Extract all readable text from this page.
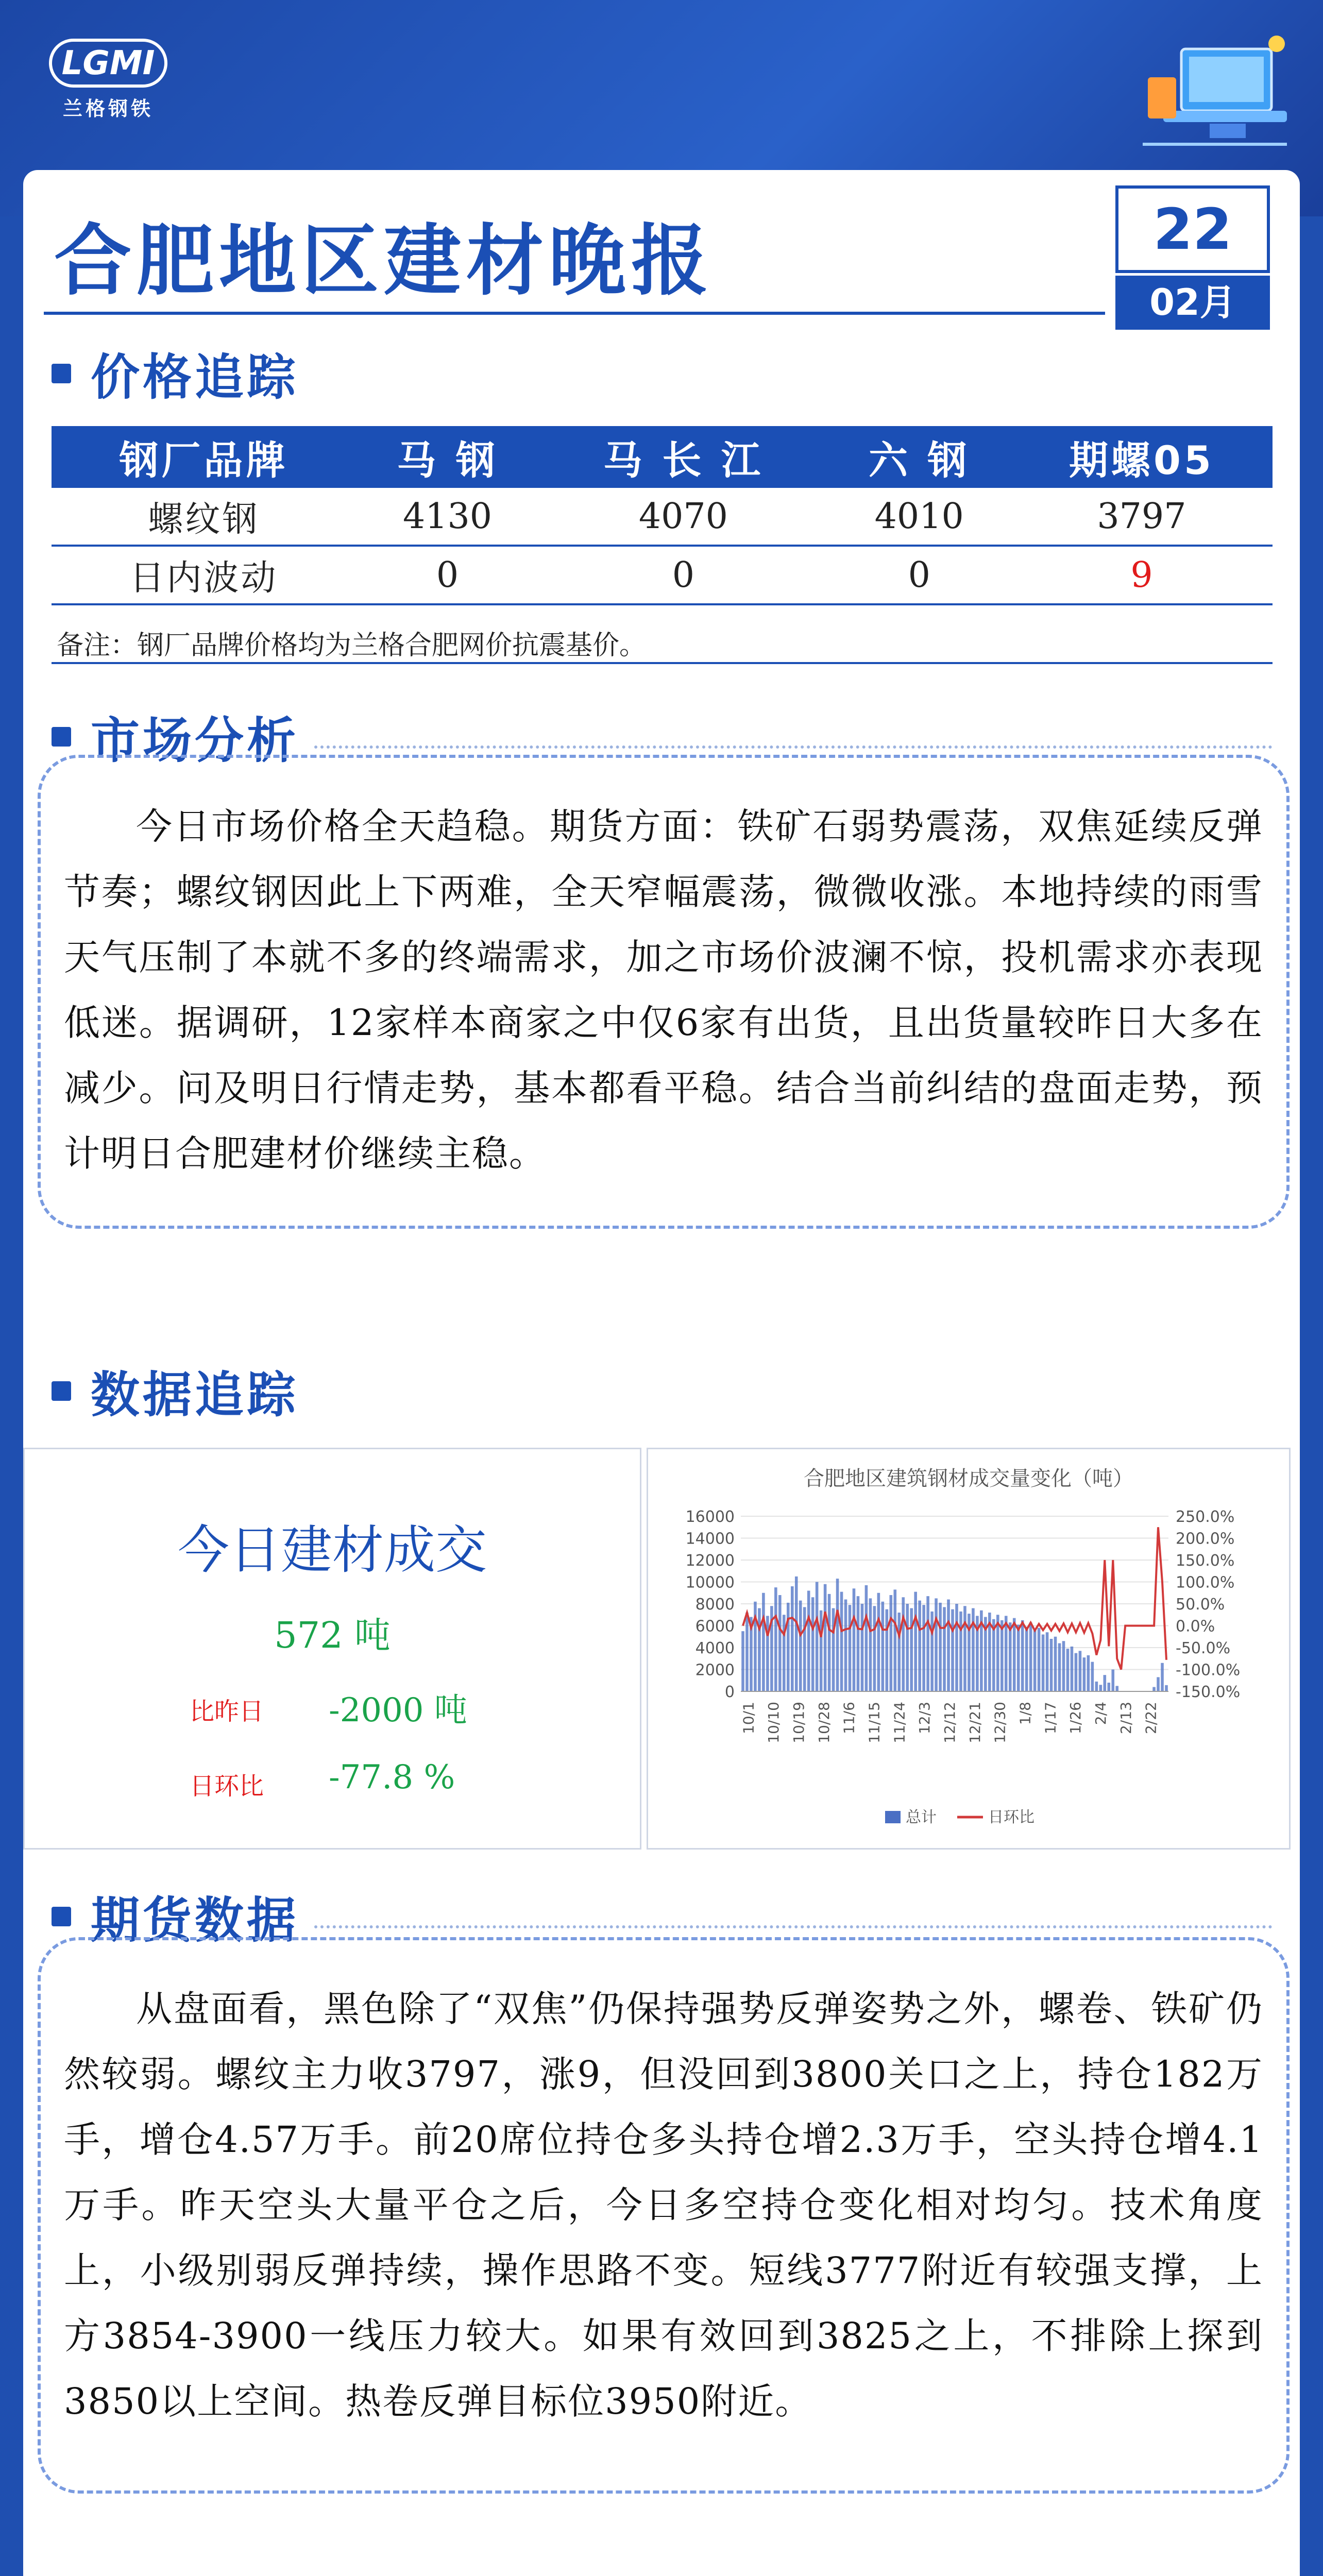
LGMI
兰格钢铁
合肥地区建材晚报	22
02月
价格追踪
钢厂品牌	马 钢	马 长 江	六 钢	期螺05
螺纹钢	4130	4070	4010	3797
日内波动	0	0	0	9
备注：钢厂品牌价格均为兰格合肥网价抗震基价。
市场分析
今日市场价格全天趋稳。期货方面：铁矿石弱势震荡，双焦延续反弹节奏；螺纹钢因此上下两难，全天窄幅震荡，微微收涨。本地持续的雨雪天气压制了本就不多的终端需求，加之市场价波澜不惊，投机需求亦表现低迷。据调研，12家样本商家之中仅6家有出货，且出货量较昨日大多在减少。问及明日行情走势，基本都看平稳。结合当前纠结的盘面走势，预计明日合肥建材价继续主稳。
数据追踪
今日建材成交
572 吨
比昨日 -2000 吨
日环比 -77.8 %
合肥地区建筑钢材成交量变化（吨）
0
2000
4000
6000
8000
10000
12000
14000
16000
-150.0%
-100.0%
-50.0%
0.0%
50.0%
100.0%
150.0%
200.0%
250.0%
10/1 10/10 10/19 10/28 11/6 11/15 11/24 12/3 12/12 12/21 12/30 1/8 1/17 1/26 2/4 2/13 2/22
总计	日环比
期货数据
从盘面看，黑色除了“双焦”仍保持强势反弹姿势之外，螺卷、铁矿仍然较弱。螺纹主力收3797，涨9，但没回到3800关口之上，持仓182万手，增仓4.57万手。前20席位持仓多头持仓增2.3万手，空头持仓增4.1万手。昨天空头大量平仓之后，今日多空持仓变化相对均匀。技术角度上，小级别弱反弹持续，操作思路不变。短线3777附近有较强支撑，上方3854-3900一线压力较大。如果有效回到3825之上，不排除上探到3850以上空间。热卷反弹目标位3950附近。
